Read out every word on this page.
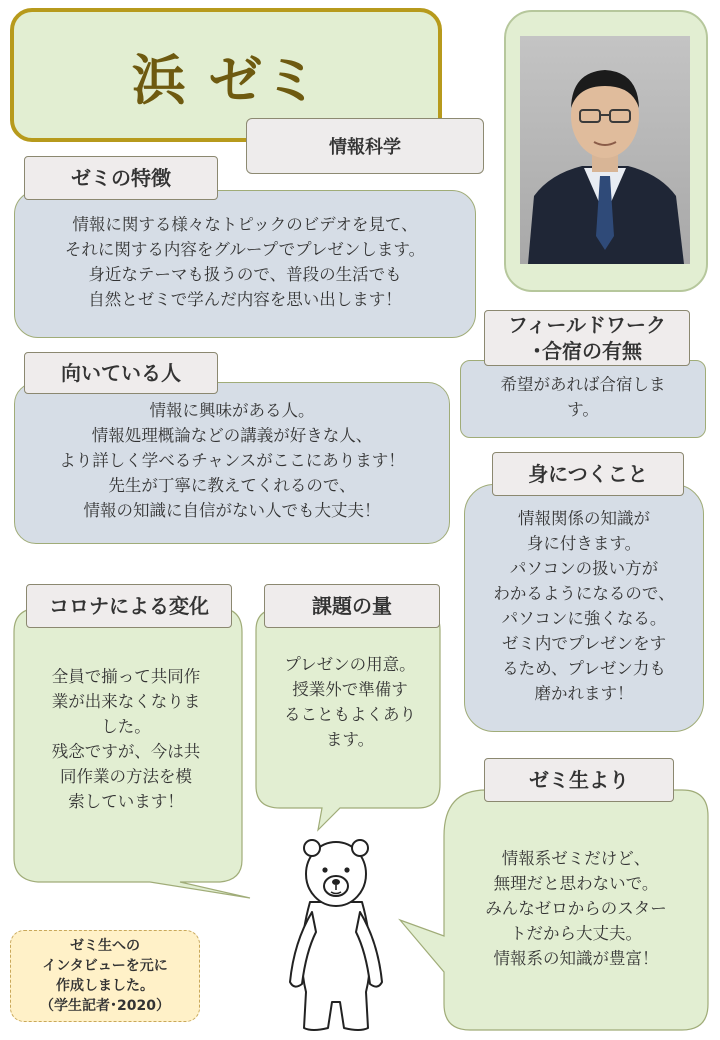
浜 ゼミ
情報科学
情報に関する様々なトピックのビデオを見て、
それに関する内容をグループでプレゼンします。
身近なテーマも扱うので、普段の生活でも
自然とゼミで学んだ内容を思い出します！
ゼミの特徴
情報に興味がある人。
情報処理概論などの講義が好きな人、
より詳しく学べるチャンスがここにあります！
先生が丁寧に教えてくれるので、
情報の知識に自信がない人でも大丈夫！
向いている人	希望があれば合宿しま
す。
フィールドワーク
･合宿の有無
情報関係の知識が
身に付きます。
パソコンの扱い方が
わかるようになるので、
パソコンに強くなる。
ゼミ内でプレゼンをす
るため、プレゼン力も
磨かれます！
身につくこと
全員で揃って共同作
業が出来なくなりま
した。
残念ですが、今は共
同作業の方法を模
索しています！
コロナによる変化
プレゼンの用意。
授業外で準備す
ることもよくあり
ます。
課題の量
情報系ゼミだけど、
無理だと思わないで。
みんなゼロからのスター
トだから大丈夫。
情報系の知識が豊富！
ゼミ生より
ゼミ生への
インタビューを元に
作成しました。
（学生記者･2020）
